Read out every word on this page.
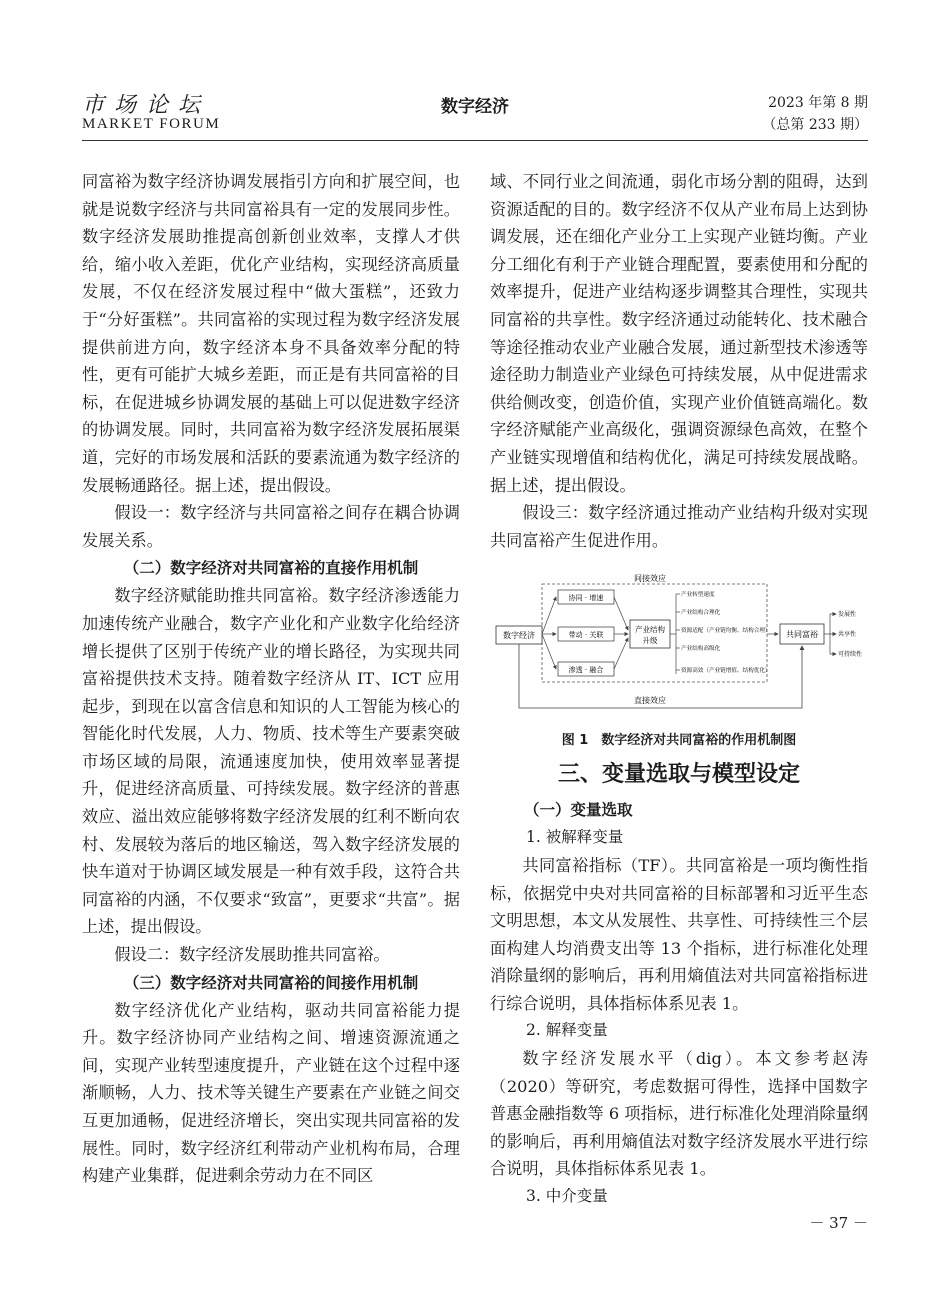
市场论坛
MARKET FORUM
数字经济	2023 年第 8 期
（总第 233 期）

同富裕为数字经济协调发展指引方向和扩展空间，也就是说数字经济与共同富裕具有一定的发展同步性。数字经济发展助推提高创新创业效率，支撑人才供给，缩小收入差距，优化产业结构，实现经济高质量发展，不仅在经济发展过程中“做大蛋糕”，还致力于“分好蛋糕”。共同富裕的实现过程为数字经济发展提供前进方向，数字经济本身不具备效率分配的特性，更有可能扩大城乡差距，而正是有共同富裕的目标，在促进城乡协调发展的基础上可以促进数字经济的协调发展。同时，共同富裕为数字经济发展拓展渠道，完好的市场发展和活跃的要素流通为数字经济的发展畅通路径。据上述，提出假设。

假设一：数字经济与共同富裕之间存在耦合协调发展关系。

（二）数字经济对共同富裕的直接作用机制

数字经济赋能助推共同富裕。数字经济渗透能力加速传统产业融合，数字产业化和产业数字化给经济增长提供了区别于传统产业的增长路径，为实现共同富裕提供技术支持。随着数字经济从 IT、ICT 应用起步，到现在以富含信息和知识的人工智能为核心的智能化时代发展，人力、物质、技术等生产要素突破市场区域的局限，流通速度加快，使用效率显著提升，促进经济高质量、可持续发展。数字经济的普惠效应、溢出效应能够将数字经济发展的红利不断向农村、发展较为落后的地区输送，驾入数字经济发展的快车道对于协调区域发展是一种有效手段，这符合共同富裕的内涵，不仅要求“致富”，更要求“共富”。据上述，提出假设。

假设二：数字经济发展助推共同富裕。

（三）数字经济对共同富裕的间接作用机制

数字经济优化产业结构，驱动共同富裕能力提升。数字经济协同产业结构之间、增速资源流通之间，实现产业转型速度提升，产业链在这个过程中逐渐顺畅，人力、技术等关键生产要素在产业链之间交互更加通畅，促进经济增长，突出实现共同富裕的发展性。同时，数字经济红利带动产业机构布局，合理构建产业集群，促进剩余劳动力在不同区

域、不同行业之间流通，弱化市场分割的阻碍，达到资源适配的目的。数字经济不仅从产业布局上达到协调发展，还在细化产业分工上实现产业链均衡。产业分工细化有利于产业链合理配置，要素使用和分配的效率提升，促进产业结构逐步调整其合理性，实现共同富裕的共享性。数字经济通过动能转化、技术融合等途径推动农业产业融合发展，通过新型技术渗透等途径助力制造业产业绿色可持续发展，从中促进需求供给侧改变，创造价值，实现产业价值链高端化。数字经济赋能产业高级化，强调资源绿色高效，在整个产业链实现增值和结构优化，满足可持续发展战略。据上述，提出假设。

假设三：数字经济通过推动产业结构升级对实现共同富裕产生促进作用。

间接效应
数字经济
协同 · 增速
带动 · 关联
渗透 · 融合
产业结构
升级
产业转型速度
产业结构合理化
资源适配（产业链均衡、结构合理）
产业结构高级化
资源高效（产业链增值、结构优化）
共同富裕
发展性
共享性
可持续性
直接效应
图 1　数字经济对共同富裕的作用机制图
三、变量选取与模型设定
（一）变量选取
1. 被解释变量

共同富裕指标（TF）。共同富裕是一项均衡性指标，依据党中央对共同富裕的目标部署和习近平生态文明思想，本文从发展性、共享性、可持续性三个层面构建人均消费支出等 13 个指标，进行标准化处理消除量纲的影响后，再利用熵值法对共同富裕指标进行综合说明，具体指标体系见表 1。

2. 解释变量

数字经济发展水平（dig）。本文参考赵涛（2020）等研究，考虑数据可得性，选择中国数字普惠金融指数等 6 项指标，进行标准化处理消除量纲的影响后，再利用熵值法对数字经济发展水平进行综合说明，具体指标体系见表 1。

3. 中介变量
－ 37 －
